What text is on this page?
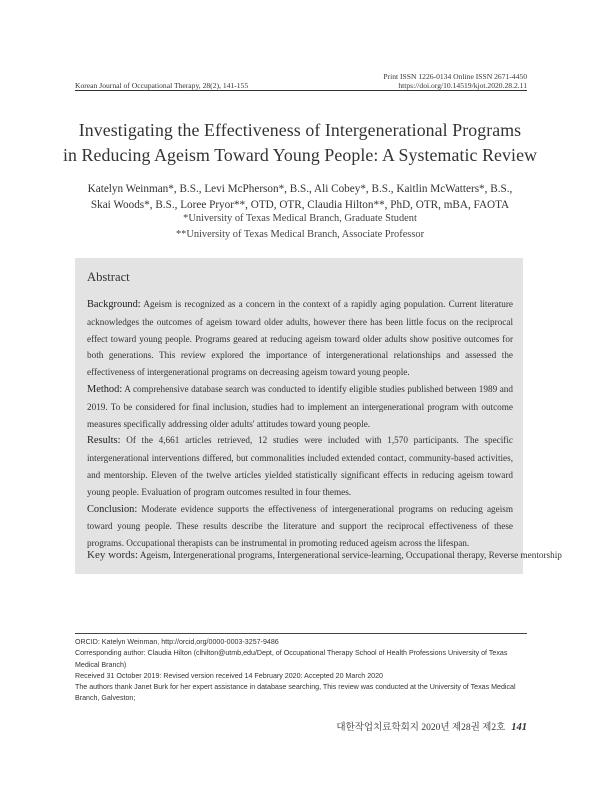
Print ISSN 1226-0134 Online ISSN 2671-4450
Korean Journal of Occupational Therapy, 28(2), 141-155	https://doi.org/10.14519/kjot.2020.28.2.11
Investigating the Effectiveness of Intergenerational Programs
in Reducing Ageism Toward Young People: A Systematic Review
Katelyn Weinman*, B.S., Levi McPherson*, B.S., Ali Cobey*, B.S., Kaitlin McWatters*, B.S.,
Skai Woods*, B.S., Loree Pryor**, OTD, OTR, Claudia Hilton**, PhD, OTR, mBA, FAOTA
*University of Texas Medical Branch, Graduate Student
**University of Texas Medical Branch, Associate Professor
Abstract
Background: Ageism is recognized as a concern in the context of a rapidly aging population. Current literature acknowledges the outcomes of ageism toward older adults, however there has been little focus on the reciprocal effect toward young people. Programs geared at reducing ageism toward older adults show positive outcomes for both generations. This review explored the importance of intergenerational relationships and assessed the effectiveness of intergenerational programs on decreasing ageism toward young people.
Method: A comprehensive database search was conducted to identify eligible studies published between 1989 and 2019. To be considered for final inclusion, studies had to implement an intergenerational program with outcome measures specifically addressing older adults' attitudes toward young people.
Results: Of the 4,661 articles retrieved, 12 studies were included with 1,570 participants. The specific intergenerational interventions differed, but commonalities included extended contact, community-based activities, and mentorship. Eleven of the twelve articles yielded statistically significant effects in reducing ageism toward young people. Evaluation of program outcomes resulted in four themes.
Conclusion: Moderate evidence supports the effectiveness of intergenerational programs on reducing ageism toward young people. These results describe the literature and support the reciprocal effectiveness of these programs. Occupational therapists can be instrumental in promoting reduced ageism across the lifespan.
Key words: Ageism, Intergenerational programs, Intergenerational service-learning, Occupational therapy, Reverse mentorship
ORCID: Katelyn Weinman, http://orcid,org/0000-0003-3257-9486
Corresponding author: Claudia Hilton (clhilton@utmb,edu/Dept, of Occupational Therapy School of Health Professions University of Texas Medical Branch)
Received 31 October 2019: Revised version received 14 February 2020: Accepted 20 March 2020
The authors thank Janet Burk for her expert assistance in database searching, This review was conducted at the University of Texas Medical Branch, Galveston;
대한작업치료학회지 2020년 제28권 제2호 141
